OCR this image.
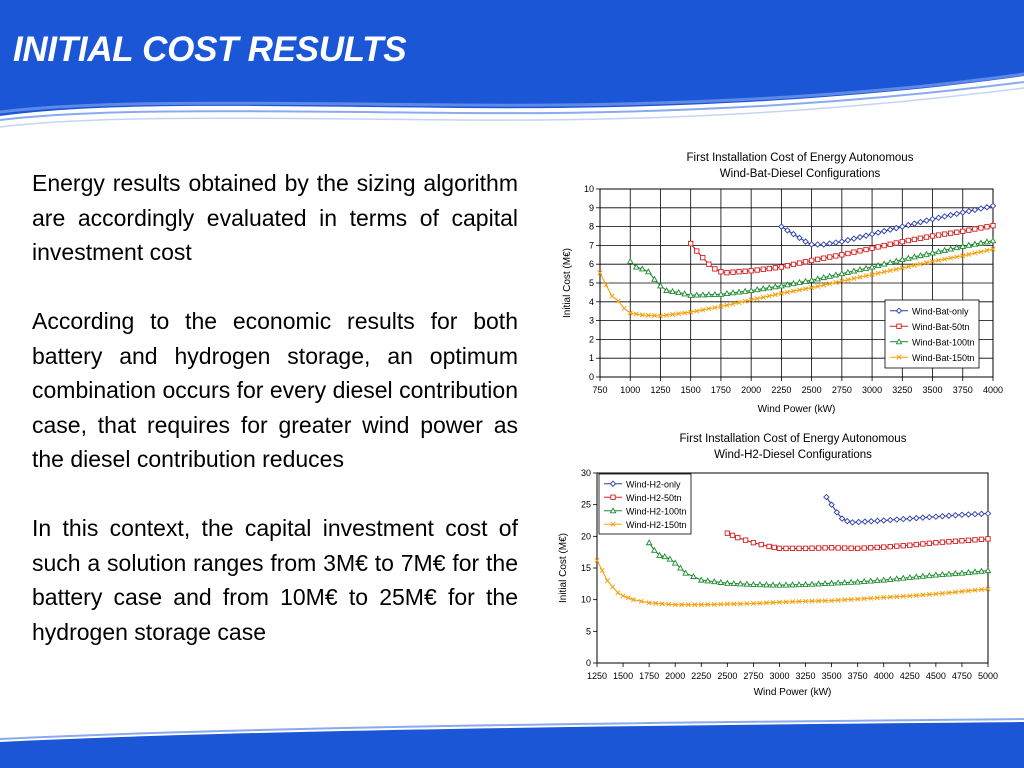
INITIAL COST RESULTS

Energy results obtained by the sizing algorithm are accordingly evaluated in terms of capital investment cost

According to the economic results for both battery and hydrogen storage, an optimum combination occurs for every diesel contribution case, that requires for greater wind power as the diesel contribution reduces

In this context, the capital investment cost of such a solution ranges from 3M€ to 7M€ for the battery case and from 10M€ to 25M€ for the hydrogen storage case

First Installation Cost of Energy Autonomous
Wind-Bat-Diesel Configurations
750 1000 1250 1500 1750 2000 2250 2500 2750 3000 3250 3500 3750 4000
0
1
2
3
4
5
6
7
8
9
10
Wind Power (kW)
Initial Cost (M€)	Wind-Bat-only
Wind-Bat-50tn
Wind-Bat-100tn
Wind-Bat-150tn
First Installation Cost of Energy Autonomous
Wind-H2-Diesel Configurations
1250 1500 1750 2000 2250 2500 2750 3000 3250 3500 3750 4000 4250 4500 4750 5000
0
5
10
15
20
25
30
Wind Power (kW)
Initial Cost (M€)
Wind-H2-only
Wind-H2-50tn
Wind-H2-100tn
Wind-H2-150tn
